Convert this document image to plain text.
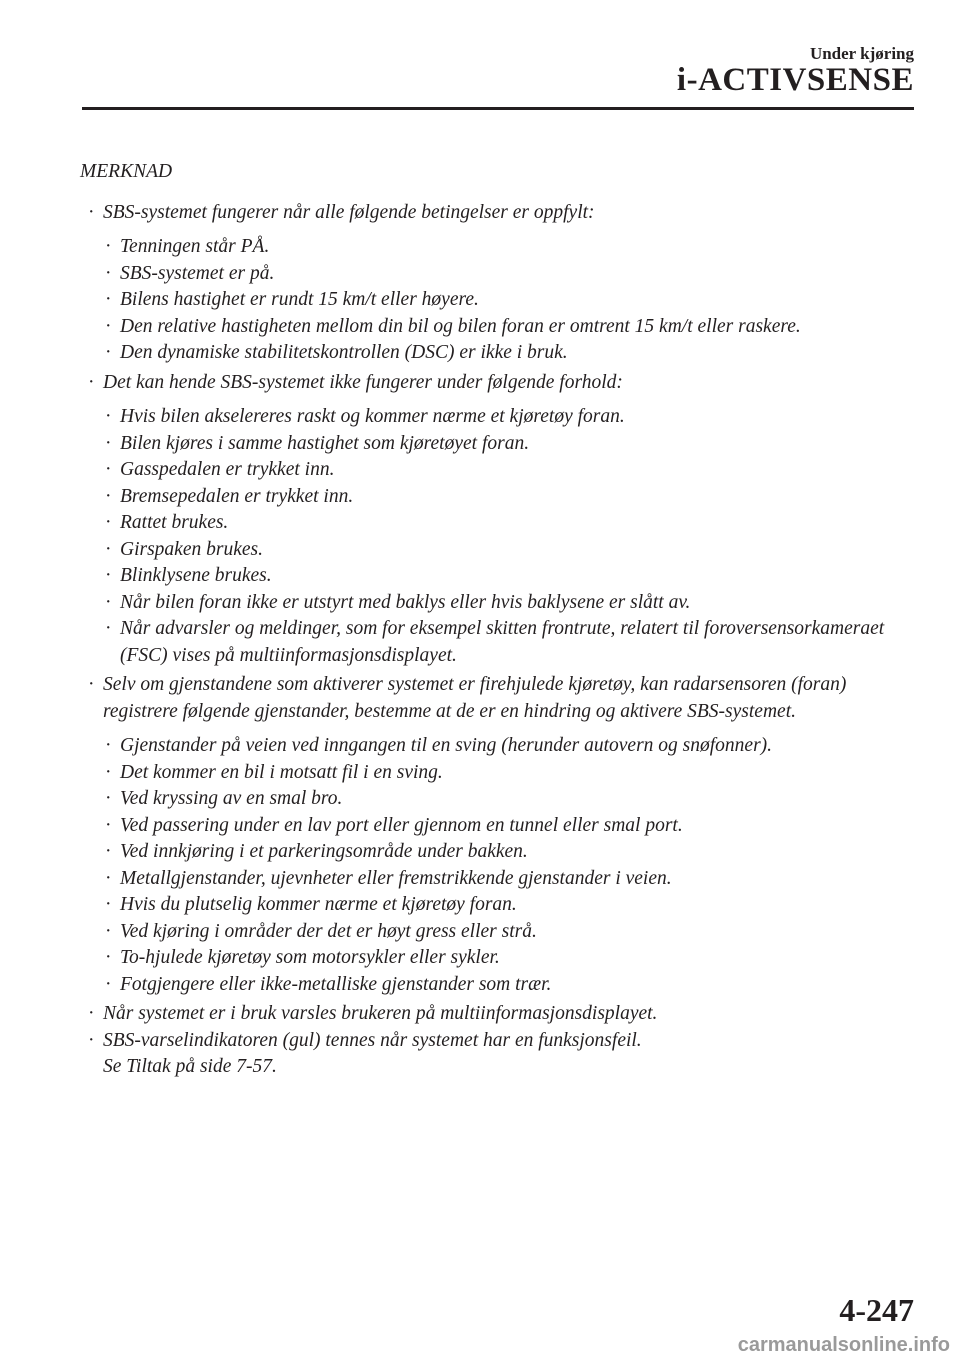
Under kjøring
i-ACTIVSENSE
MERKNAD
· SBS-systemet fungerer når alle følgende betingelser er oppfylt:
· Tenningen står PÅ.
· SBS-systemet er på.
· Bilens hastighet er rundt 15 km/t eller høyere.
· Den relative hastigheten mellom din bil og bilen foran er omtrent 15 km/t eller raskere.
· Den dynamiske stabilitetskontrollen (DSC) er ikke i bruk.
· Det kan hende SBS-systemet ikke fungerer under følgende forhold:
· Hvis bilen akselereres raskt og kommer nærme et kjøretøy foran.
· Bilen kjøres i samme hastighet som kjøretøyet foran.
· Gasspedalen er trykket inn.
· Bremsepedalen er trykket inn.
· Rattet brukes.
· Girspaken brukes.
· Blinklysene brukes.
· Når bilen foran ikke er utstyrt med baklys eller hvis baklysene er slått av.
· Når advarsler og meldinger, som for eksempel skitten frontrute, relatert til foroversensorkameraet (FSC) vises på multiinformasjonsdisplayet.
· Selv om gjenstandene som aktiverer systemet er firehjulede kjøretøy, kan radarsensoren (foran) registrere følgende gjenstander, bestemme at de er en hindring og aktivere SBS-systemet.
· Gjenstander på veien ved inngangen til en sving (herunder autovern og snøfonner).
· Det kommer en bil i motsatt fil i en sving.
· Ved kryssing av en smal bro.
· Ved passering under en lav port eller gjennom en tunnel eller smal port.
· Ved innkjøring i et parkeringsområde under bakken.
· Metallgjenstander, ujevnheter eller fremstrikkende gjenstander i veien.
· Hvis du plutselig kommer nærme et kjøretøy foran.
· Ved kjøring i områder der det er høyt gress eller strå.
· To-hjulede kjøretøy som motorsykler eller sykler.
· Fotgjengere eller ikke-metalliske gjenstander som trær.
· Når systemet er i bruk varsles brukeren på multiinformasjonsdisplayet.
· SBS-varselindikatoren (gul) tennes når systemet har en funksjonsfeil.
Se Tiltak på side 7-57.
4-247
carmanualsonline.info
